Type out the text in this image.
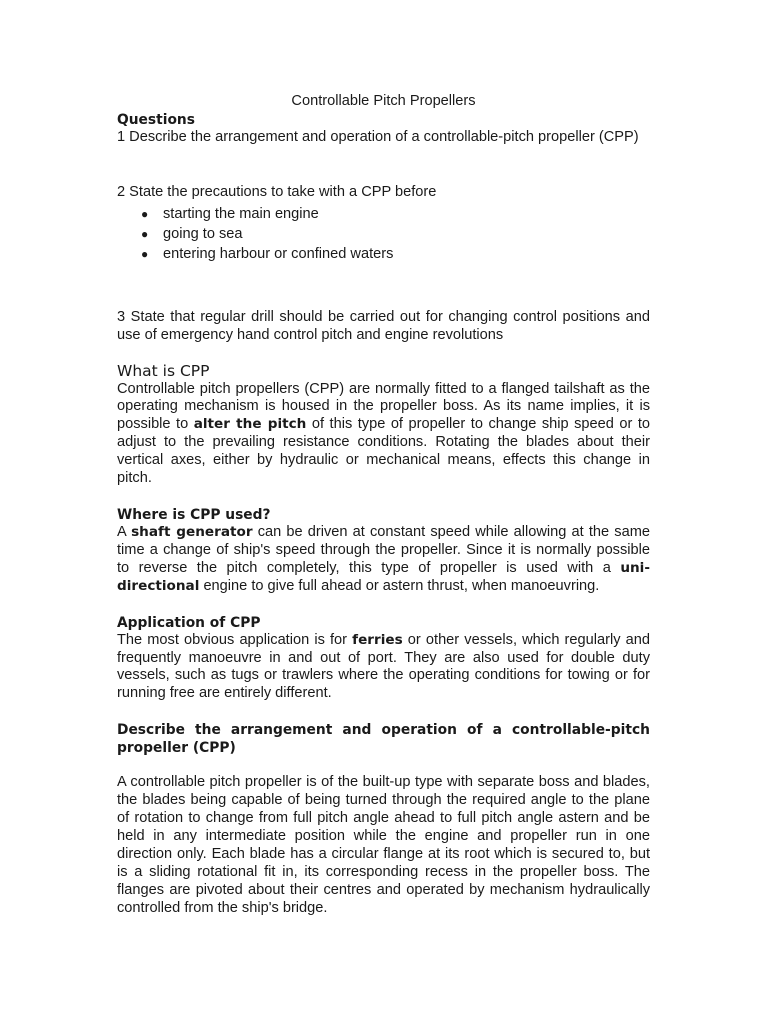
Controllable Pitch Propellers

Questions

1 Describe the arrangement and operation of a controllable-pitch propeller (CPP)

2 State the precautions to take with a CPP before

● starting the main engine
● going to sea
● entering harbour or confined waters

3 State that regular drill should be carried out for changing control positions and use of emergency hand control pitch and engine revolutions

What is CPP

Controllable pitch propellers (CPP) are normally fitted to a flanged tailshaft as the operating mechanism is housed in the propeller boss. As its name implies, it is possible to alter the pitch of this type of propeller to change ship speed or to adjust to the prevailing resistance conditions. Rotating the blades about their vertical axes, either by hydraulic or mechanical means, effects this change in pitch.

Where is CPP used?

A shaft generator can be driven at constant speed while allowing at the same time a change of ship's speed through the propeller. Since it is normally possible to reverse the pitch completely, this type of propeller is used with a uni-directional engine to give full ahead or astern thrust, when manoeuvring.

Application of CPP

The most obvious application is for ferries or other vessels, which regularly and frequently manoeuvre in and out of port. They are also used for double duty vessels, such as tugs or trawlers where the operating conditions for towing or for running free are entirely different.

Describe the arrangement and operation of a controllable-pitch propeller (CPP)

A controllable pitch propeller is of the built-up type with separate boss and blades, the blades being capable of being turned through the required angle to the plane of rotation to change from full pitch angle ahead to full pitch angle astern and be held in any intermediate position while the engine and propeller run in one direction only. Each blade has a circular flange at its root which is secured to, but is a sliding rotational fit in, its corresponding recess in the propeller boss. The flanges are pivoted about their centres and operated by mechanism hydraulically controlled from the ship's bridge.
